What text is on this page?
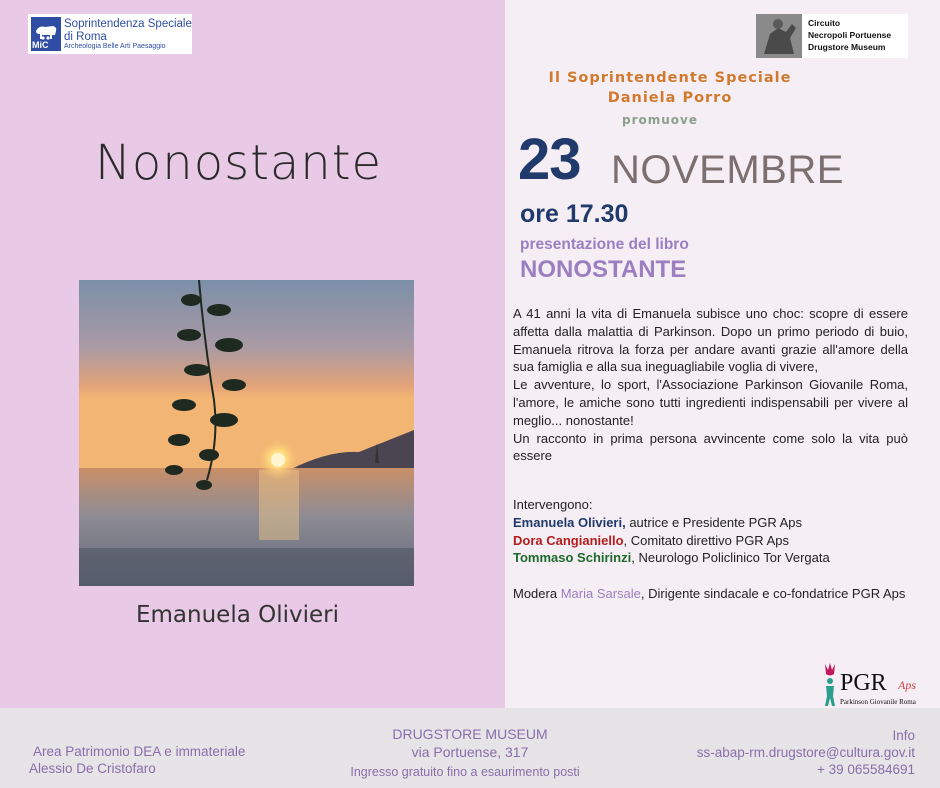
MiC
Soprintendenza Speciale
di Roma
Archeologia Belle Arti Paesaggio
Nonostante
Emanuela Olivieri
Circuito
Necropoli Portuense
Drugstore Museum
Il Soprintendente Speciale
Daniela Porro
promuove
23 NOVEMBRE
ore 17.30
presentazione del libro
NONOSTANTE

A 41 anni la vita di Emanuela subisce uno choc: scopre di essere affetta dalla malattia di Parkinson. Dopo un primo periodo di buio, Emanuela ritrova la forza per andare avanti grazie all'amore della sua famiglia e alla sua ineguagliabile voglia di vivere,

Le avventure, lo sport, l'Associazione Parkinson Giovanile Roma, l'amore, le amiche sono tutti ingredienti indispensabili per vivere al meglio... nonostante!

Un racconto in prima persona avvincente come solo la vita può essere

Intervengono:

Emanuela Olivieri, autrice e Presidente PGR Aps
Dora Cangianiello, Comitato direttivo PGR Aps
Tommaso Schirinzi, Neurologo Policlinico Tor Vergata
Modera Maria Sarsale, Dirigente sindacale e co-fondatrice PGR Aps
PGR Aps
Parkinson Giovanile Roma
Area Patrimonio DEA e immateriale
Alessio De Cristofaro
DRUGSTORE MUSEUM
via Portuense, 317
Ingresso gratuito fino a esaurimento posti
Info
ss-abap-rm.drugstore@cultura.gov.it
+ 39 065584691
